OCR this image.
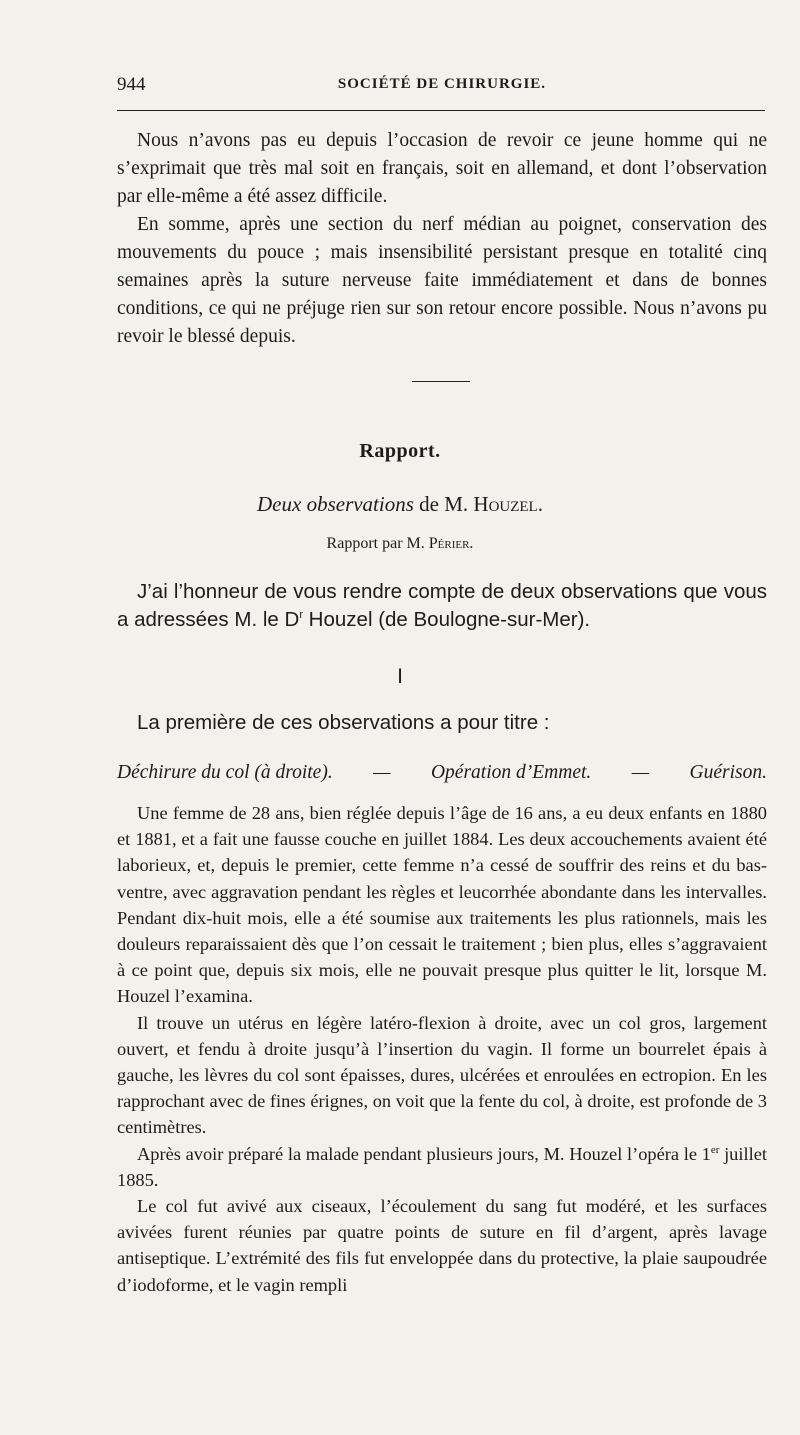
944	SOCIÉTÉ DE CHIRURGIE.

Nous n’avons pas eu depuis l’occasion de revoir ce jeune homme qui ne s’exprimait que très mal soit en français, soit en allemand, et dont l’observation par elle-même a été assez difficile.

En somme, après une section du nerf médian au poignet, conservation des mouvements du pouce ; mais insensibilité persistant presque en totalité cinq semaines après la suture nerveuse faite immédiatement et dans de bonnes conditions, ce qui ne préjuge rien sur son retour encore possible. Nous n’avons pu revoir le blessé depuis.

Rapport.
Deux observations de M. Houzel.
Rapport par M. Périer.

J’ai l’honneur de vous rendre compte de deux observations que vous a adressées M. le $D^r$ Houzel (de Boulogne-sur-Mer).

I
La première de ces observations a pour titre :
Déchirure du col (à droite). — Opération d’Emmet. — Guérison.

Une femme de 28 ans, bien réglée depuis l’âge de 16 ans, a eu deux enfants en 1880 et 1881, et a fait une fausse couche en juillet 1884. Les deux accouchements avaient été laborieux, et, depuis le premier, cette femme n’a cessé de souffrir des reins et du bas-ventre, avec aggravation pendant les règles et leucorrhée abondante dans les intervalles. Pendant dix-huit mois, elle a été soumise aux traitements les plus rationnels, mais les douleurs reparaissaient dès que l’on cessait le traitement ; bien plus, elles s’aggravaient à ce point que, depuis six mois, elle ne pouvait presque plus quitter le lit, lorsque M. Houzel l’examina.

Il trouve un utérus en légère latéro-flexion à droite, avec un col gros, largement ouvert, et fendu à droite jusqu’à l’insertion du vagin. Il forme un bourrelet épais à gauche, les lèvres du col sont épaisses, dures, ulcérées et enroulées en ectropion. En les rapprochant avec de fines érignes, on voit que la fente du col, à droite, est profonde de 3 centimètres.

Après avoir préparé la malade pendant plusieurs jours, M. Houzel l’opéra le 1er juillet 1885.

Le col fut avivé aux ciseaux, l’écoulement du sang fut modéré, et les surfaces avivées furent réunies par quatre points de suture en fil d’argent, après lavage antiseptique. L’extrémité des fils fut enveloppée dans du protective, la plaie saupoudrée d’iodoforme, et le vagin rempli
